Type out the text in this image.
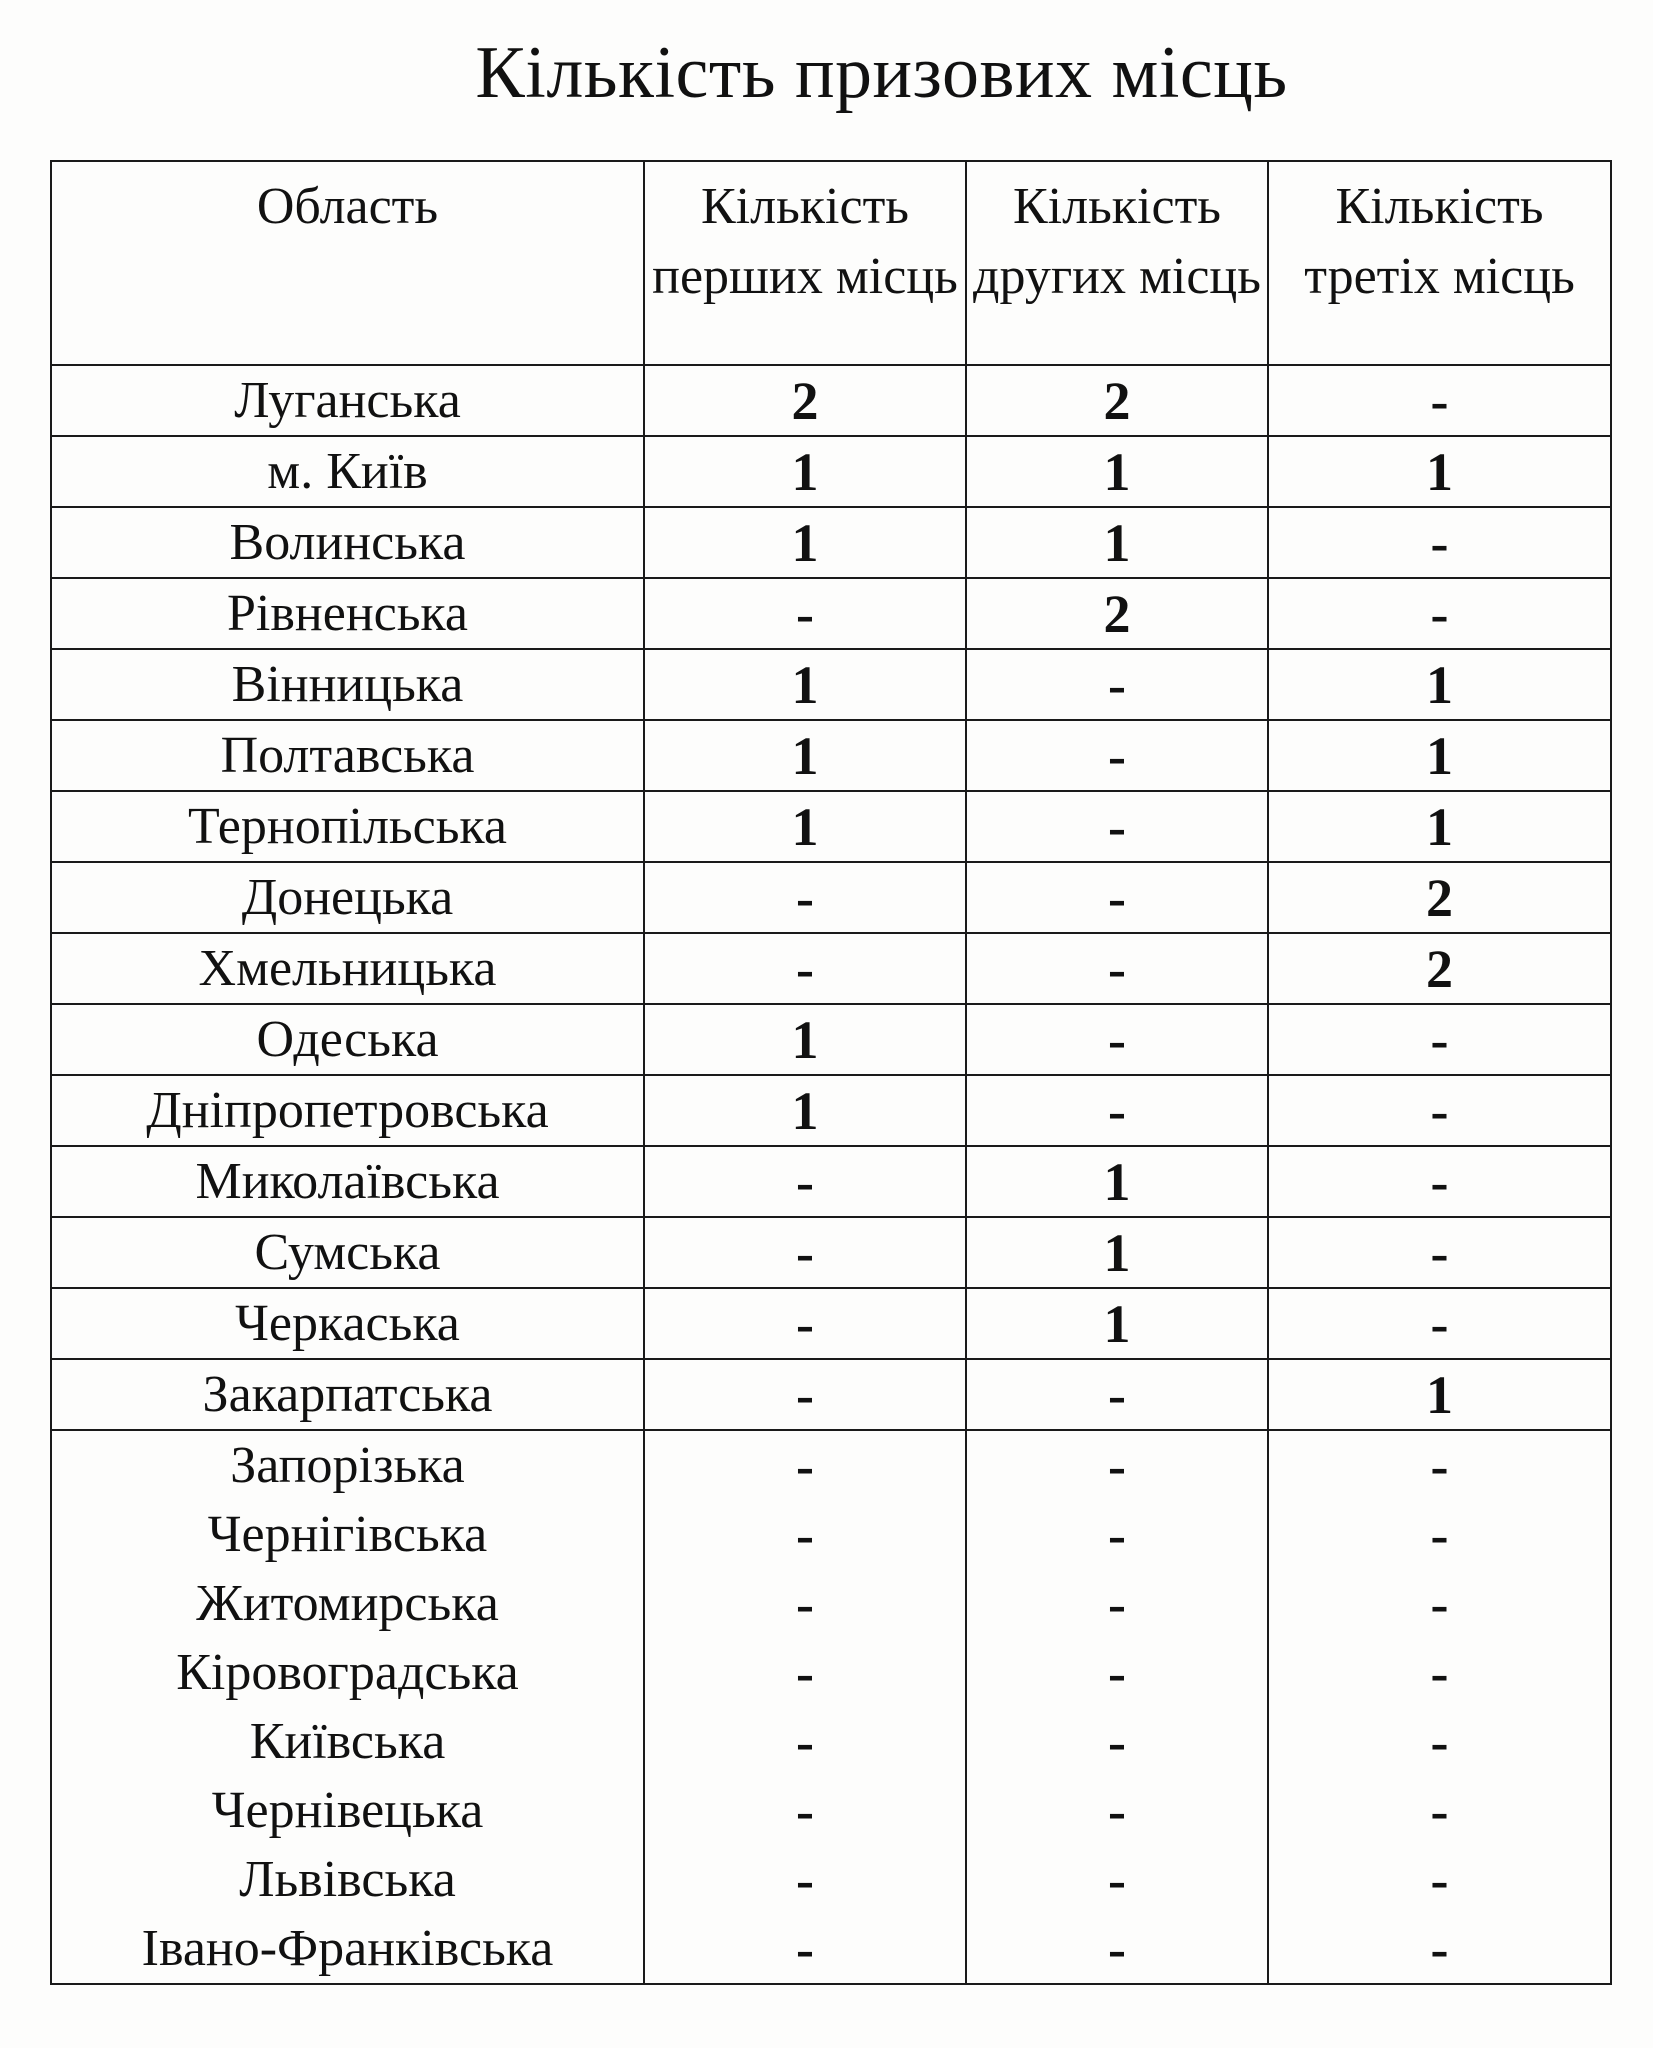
Кількість призових місць
Область	Кількість перших місць	Кількість других місць	Кількість третіх місць
Луганська	2	2	-
м. Київ	1	1	1
Волинська	1	1	-
Рівненська	-	2	-
Вінницька	1	-	1
Полтавська	1	-	1
Тернопільська	1	-	1
Донецька	-	-	2
Хмельницька	-	-	2
Одеська	1	-	-
Дніпропетровська	1	-	-
Миколаївська	-	1	-
Сумська	-	1	-
Черкаська	-	1	-
Закарпатська	-	-	1
Запорізька	-	-	-
Чернігівська	-	-	-
Житомирська	-	-	-
Кіровоградська	-	-	-
Київська	-	-	-
Чернівецька	-	-	-
Львівська	-	-	-
Івано-Франківська	-	-	-
